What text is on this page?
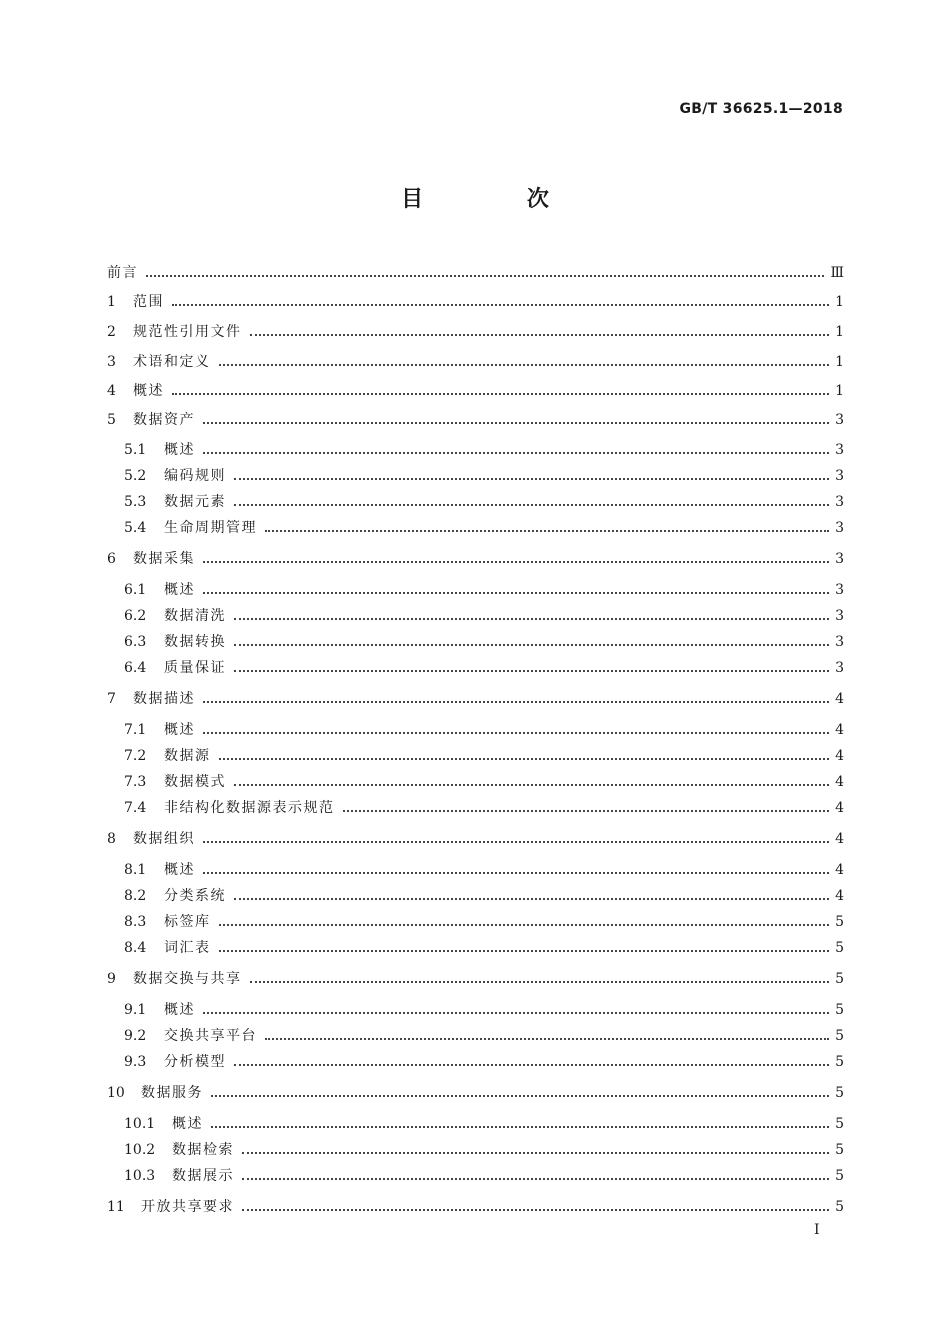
GB/T 36625.1—2018
目 次
前言	Ⅲ
1	范围	1
2	规范性引用文件	1
3	术语和定义	1
4	概述	1
5	数据资产	3
5.1	概述	3
5.2	编码规则	3
5.3	数据元素	3
5.4	生命周期管理	3
6	数据采集	3
6.1	概述	3
6.2	数据清洗	3
6.3	数据转换	3
6.4	质量保证	3
7	数据描述	4
7.1	概述	4
7.2	数据源	4
7.3	数据模式	4
7.4	非结构化数据源表示规范	4
8	数据组织	4
8.1	概述	4
8.2	分类系统	4
8.3	标签库	5
8.4	词汇表	5
9	数据交换与共享	5
9.1	概述	5
9.2	交换共享平台	5
9.3	分析模型	5
10	数据服务	5
10.1	概述	5
10.2	数据检索	5
10.3	数据展示	5
11	开放共享要求	5
I
